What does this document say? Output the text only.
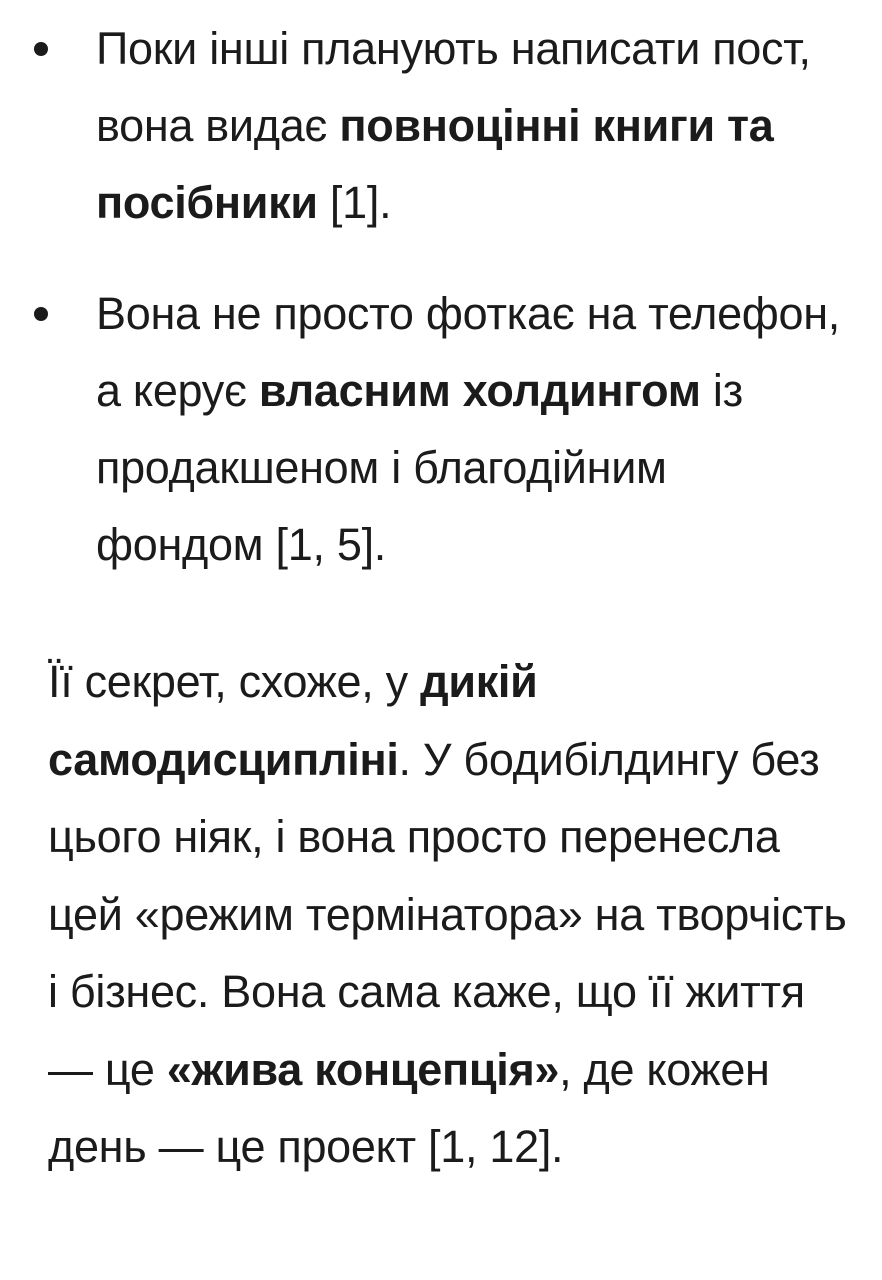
Поки інші планують написати пост, вона видає повноцінні книги та посібники [1].
Вона не просто фоткає на телефон, а керує власним холдингом із продакшеном і благодійним фондом [1, 5].

Її секрет, схоже, у дикій самодисципліні. У бодибілдингу без цього ніяк, і вона просто перенесла цей «режим термінатора» на творчість і бізнес. Вона сама каже, що її життя — це «жива концепція», де кожен день — це проект [1, 12].
